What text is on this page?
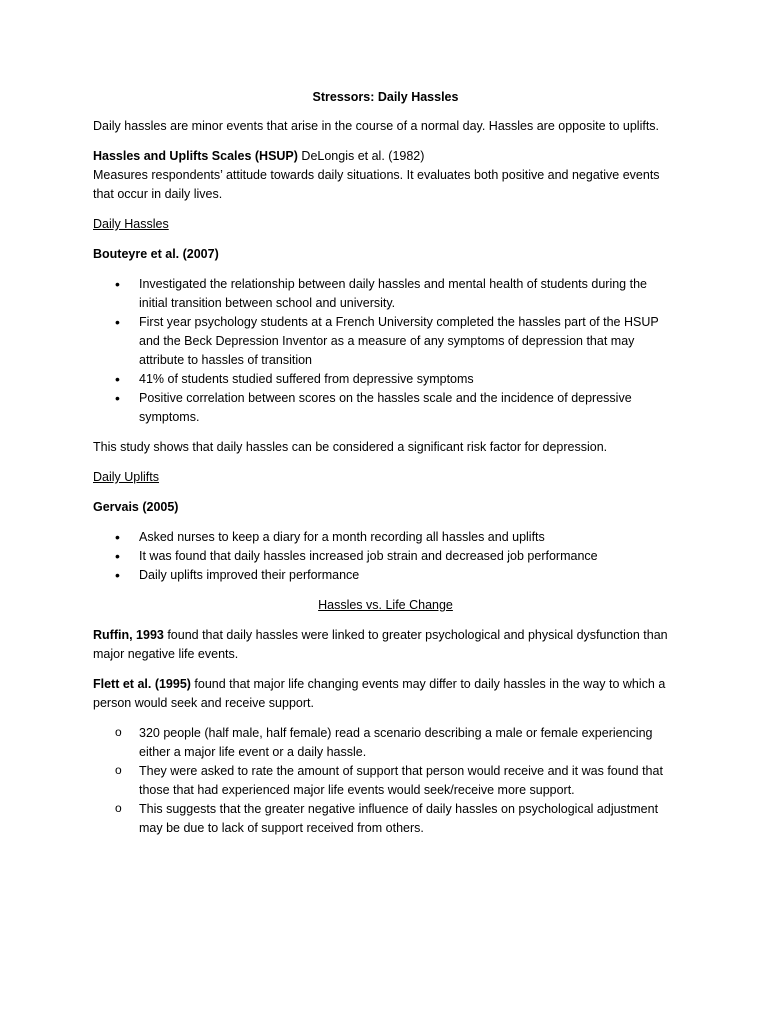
Stressors: Daily Hassles

Daily hassles are minor events that arise in the course of a normal day. Hassles are opposite to uplifts.

Hassles and Uplifts Scales (HSUP) DeLongis et al. (1982)
Measures respondents’ attitude towards daily situations. It evaluates both positive and negative events that occur in daily lives.

Daily Hassles

Bouteyre et al. (2007)

• Investigated the relationship between daily hassles and mental health of students during the initial transition between school and university.
• First year psychology students at a French University completed the hassles part of the HSUP and the Beck Depression Inventor as a measure of any symptoms of depression that may attribute to hassles of transition
• 41% of students studied suffered from depressive symptoms
• Positive correlation between scores on the hassles scale and the incidence of depressive symptoms.

This study shows that daily hassles can be considered a significant risk factor for depression.

Daily Uplifts

Gervais (2005)

• Asked nurses to keep a diary for a month recording all hassles and uplifts
• It was found that daily hassles increased job strain and decreased job performance
• Daily uplifts improved their performance

Hassles vs. Life Change

Ruffin, 1993 found that daily hassles were linked to greater psychological and physical dysfunction than major negative life events.

Flett et al. (1995) found that major life changing events may differ to daily hassles in the way to which a person would seek and receive support.

o 320 people (half male, half female) read a scenario describing a male or female experiencing either a major life event or a daily hassle.
o They were asked to rate the amount of support that person would receive and it was found that those that had experienced major life events would seek/receive more support.
o This suggests that the greater negative influence of daily hassles on psychological adjustment may be due to lack of support received from others.
